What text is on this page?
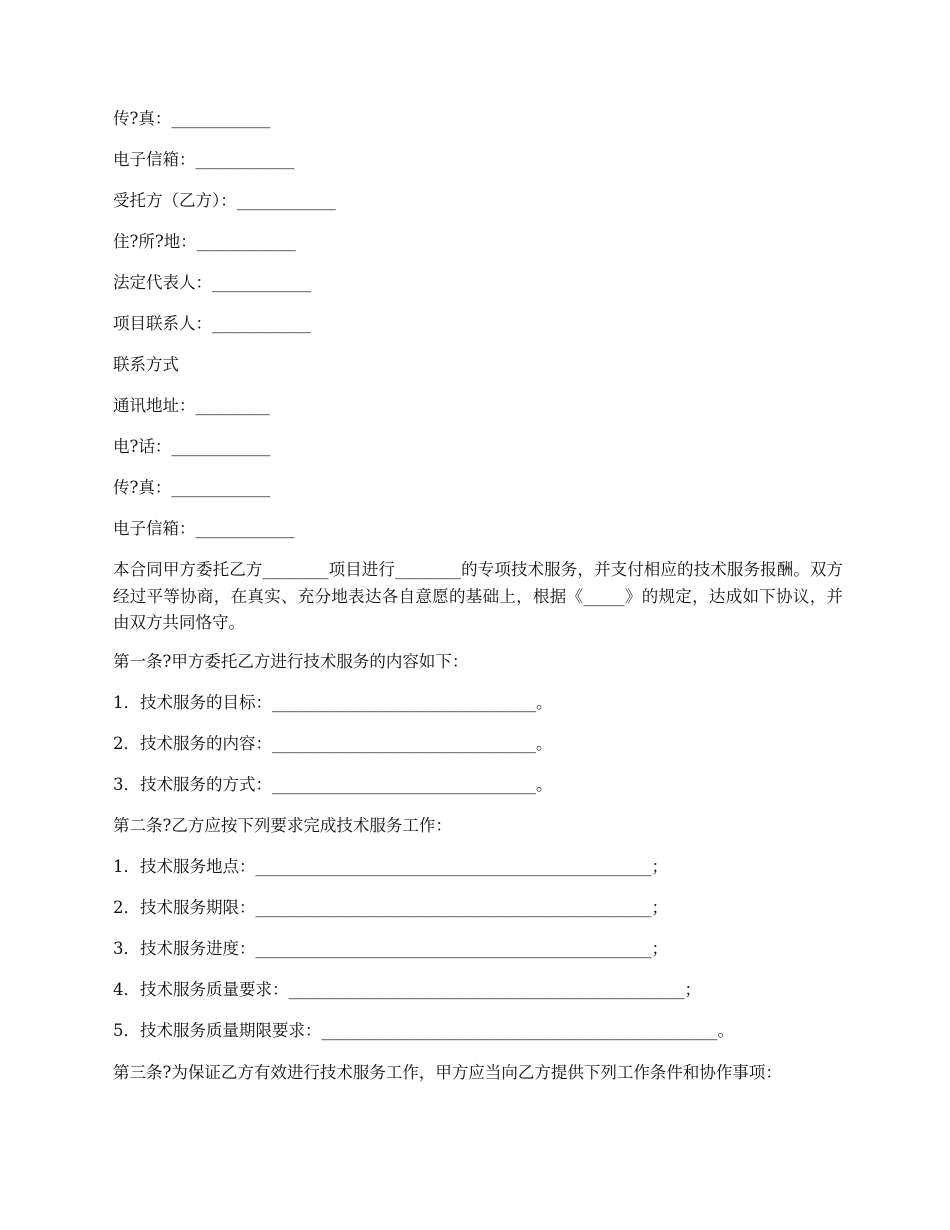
传?真：____________
电子信箱：____________
受托方（乙方）：____________
住?所?地：____________
法定代表人：____________
项目联系人：____________
联系方式
通讯地址：_________
电?话：____________
传?真：____________
电子信箱：____________
本合同甲方委托乙方________项目进行________的专项技术服务，并支付相应的技术服务报酬。双方经过平等协商，在真实、充分地表达各自意愿的基础上，根据《_____》的规定，达成如下协议，并由双方共同恪守。
第一条?甲方委托乙方进行技术服务的内容如下：
1．技术服务的目标：________________________________。
2．技术服务的内容：________________________________。
3．技术服务的方式：________________________________。
第二条?乙方应按下列要求完成技术服务工作：
1．技术服务地点：________________________________________________；
2．技术服务期限：________________________________________________；
3．技术服务进度：________________________________________________；
4．技术服务质量要求：________________________________________________；
5．技术服务质量期限要求：________________________________________________。
第三条?为保证乙方有效进行技术服务工作，甲方应当向乙方提供下列工作条件和协作事项：
